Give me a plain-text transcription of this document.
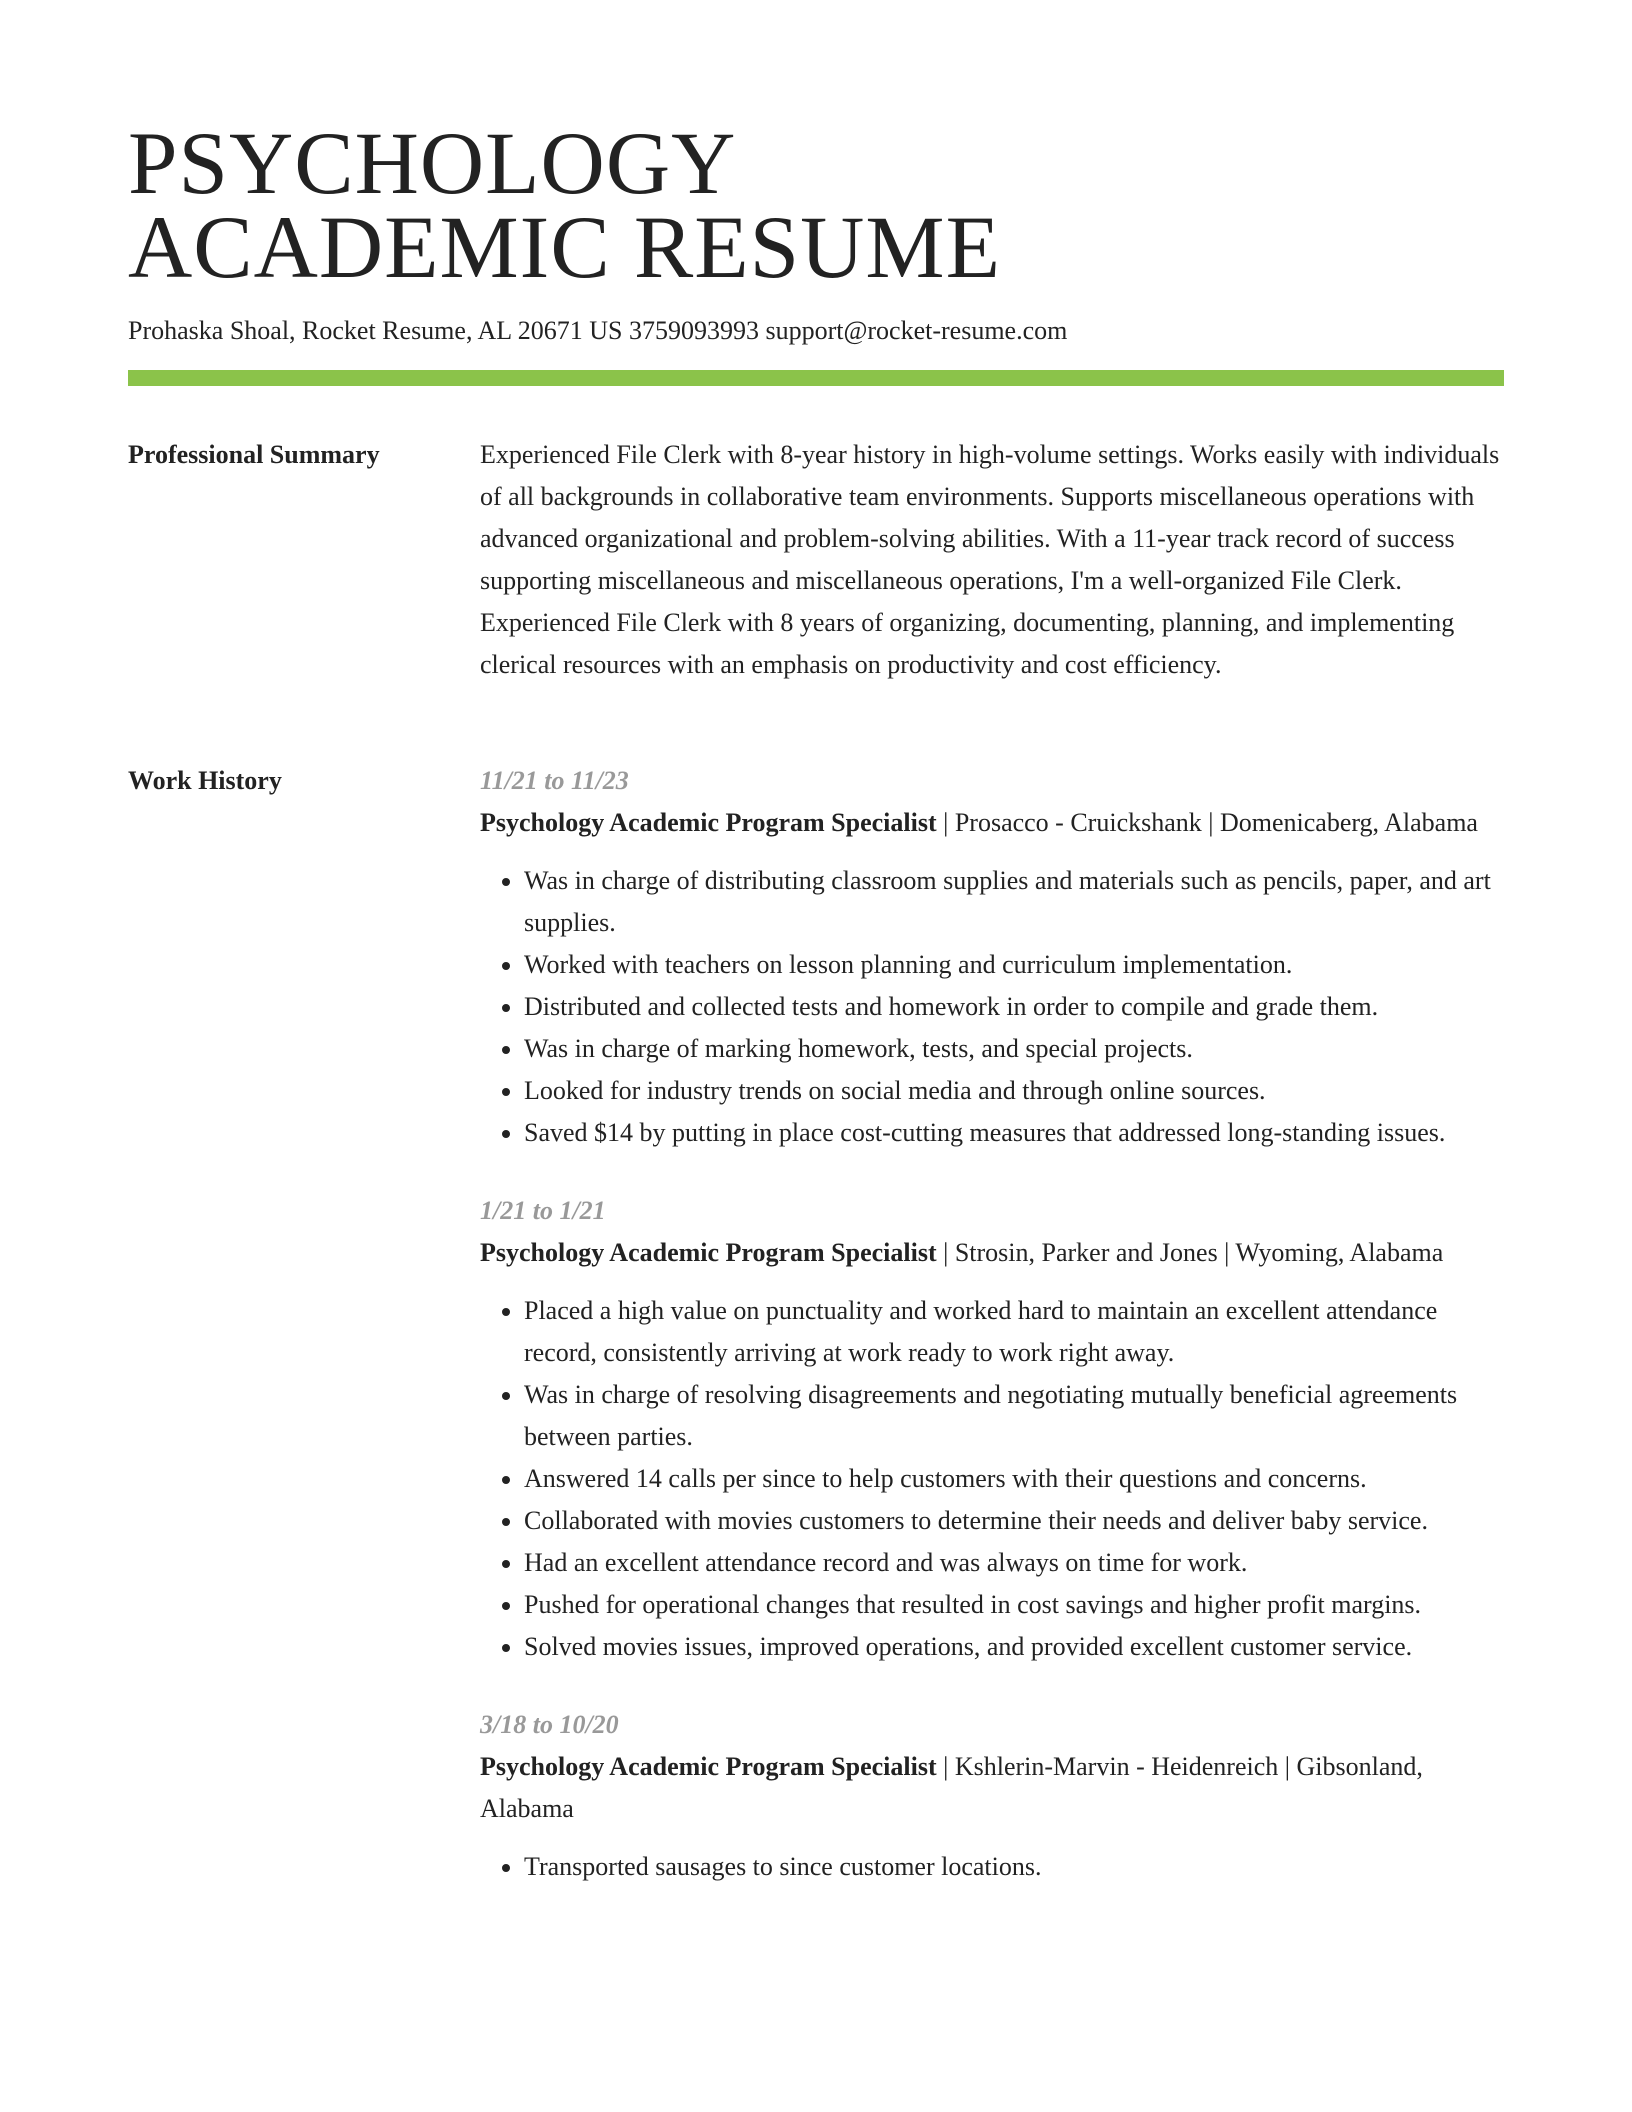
PSYCHOLOGY
ACADEMIC RESUME
Prohaska Shoal, Rocket Resume, AL 20671 US 3759093993 support@rocket-resume.com
Professional Summary	Experienced File Clerk with 8-year history in high-volume settings. Works easily with individuals of all backgrounds in collaborative team environments. Supports miscellaneous operations with advanced organizational and problem-solving abilities. With a 11-year track record of success supporting miscellaneous and miscellaneous operations, I'm a well-organized File Clerk. Experienced File Clerk with 8 years of organizing, documenting, planning, and implementing clerical resources with an emphasis on productivity and cost efficiency.

Work History	11/21 to 11/23

Psychology Academic Program Specialist | Prosacco - Cruickshank | Domenicaberg, Alabama

• Was in charge of distributing classroom supplies and materials such as pencils, paper, and art supplies.
• Worked with teachers on lesson planning and curriculum implementation.
• Distributed and collected tests and homework in order to compile and grade them.
• Was in charge of marking homework, tests, and special projects.
• Looked for industry trends on social media and through online sources.
• Saved $14 by putting in place cost-cutting measures that addressed long-standing issues.
1/21 to 1/21

Psychology Academic Program Specialist | Strosin, Parker and Jones | Wyoming, Alabama

• Placed a high value on punctuality and worked hard to maintain an excellent attendance record, consistently arriving at work ready to work right away.
• Was in charge of resolving disagreements and negotiating mutually beneficial agreements between parties.
• Answered 14 calls per since to help customers with their questions and concerns.
• Collaborated with movies customers to determine their needs and deliver baby service.
• Had an excellent attendance record and was always on time for work.
• Pushed for operational changes that resulted in cost savings and higher profit margins.
• Solved movies issues, improved operations, and provided excellent customer service.
3/18 to 10/20

Psychology Academic Program Specialist | Kshlerin-Marvin - Heidenreich | Gibsonland, Alabama

• Transported sausages to since customer locations.
